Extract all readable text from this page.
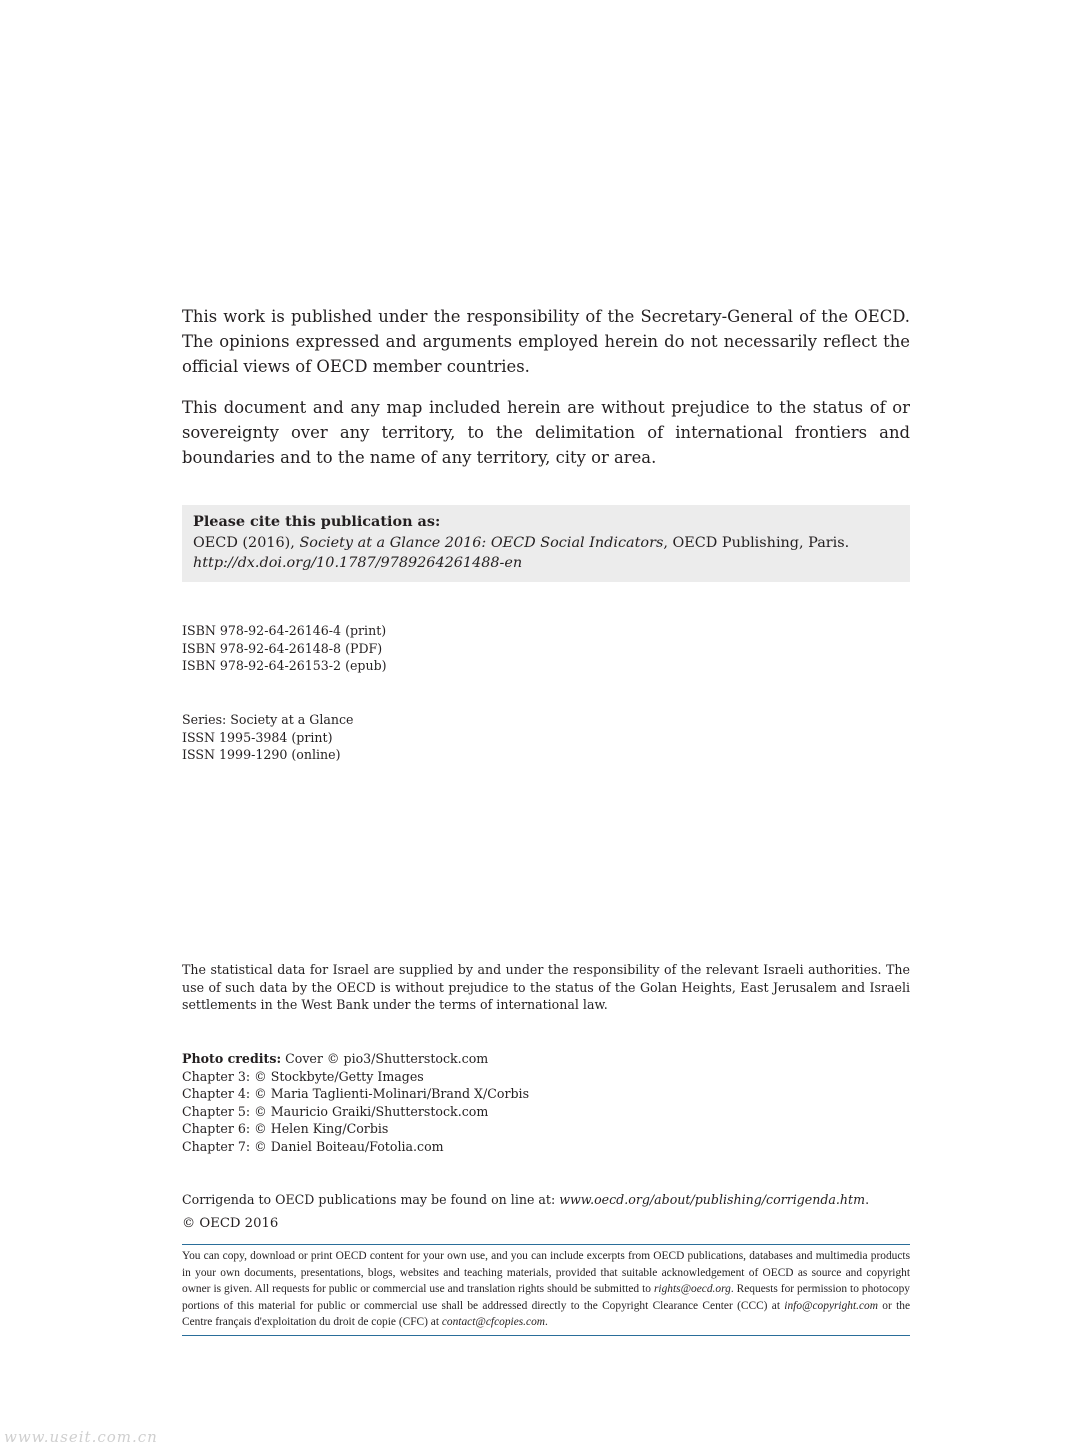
This work is published under the responsibility of the Secretary-General of the OECD. The opinions expressed and arguments employed herein do not necessarily reflect the official views of OECD member countries.

This document and any map included herein are without prejudice to the status of or sovereignty over any territory, to the delimitation of international frontiers and boundaries and to the name of any territory, city or area.

Please cite this publication as:
OECD (2016), Society at a Glance 2016: OECD Social Indicators, OECD Publishing, Paris.
http://dx.doi.org/10.1787/9789264261488-en
ISBN 978-92-64-26146-4 (print)
ISBN 978-92-64-26148-8 (PDF)
ISBN 978-92-64-26153-2 (epub)
Series: Society at a Glance
ISSN 1995-3984 (print)
ISSN 1999-1290 (online)

The statistical data for Israel are supplied by and under the responsibility of the relevant Israeli authorities. The use of such data by the OECD is without prejudice to the status of the Golan Heights, East Jerusalem and Israeli settlements in the West Bank under the terms of international law.

Photo credits: Cover © pio3/Shutterstock.com
Chapter 3: © Stockbyte/Getty Images
Chapter 4: © Maria Taglienti-Molinari/Brand X/Corbis
Chapter 5: © Mauricio Graiki/Shutterstock.com
Chapter 6: © Helen King/Corbis
Chapter 7: © Daniel Boiteau/Fotolia.com
Corrigenda to OECD publications may be found on line at: www.oecd.org/about/publishing/corrigenda.htm.
© OECD 2016
You can copy, download or print OECD content for your own use, and you can include excerpts from OECD publications, databases and multimedia products in your own documents, presentations, blogs, websites and teaching materials, provided that suitable acknowledgement of OECD as source and copyright owner is given. All requests for public or commercial use and translation rights should be submitted to rights@oecd.org. Requests for permission to photocopy portions of this material for public or commercial use shall be addressed directly to the Copyright Clearance Center (CCC) at info@copyright.com or the Centre français d'exploitation du droit de copie (CFC) at contact@cfcopies.com.
www.useit.com.cn
